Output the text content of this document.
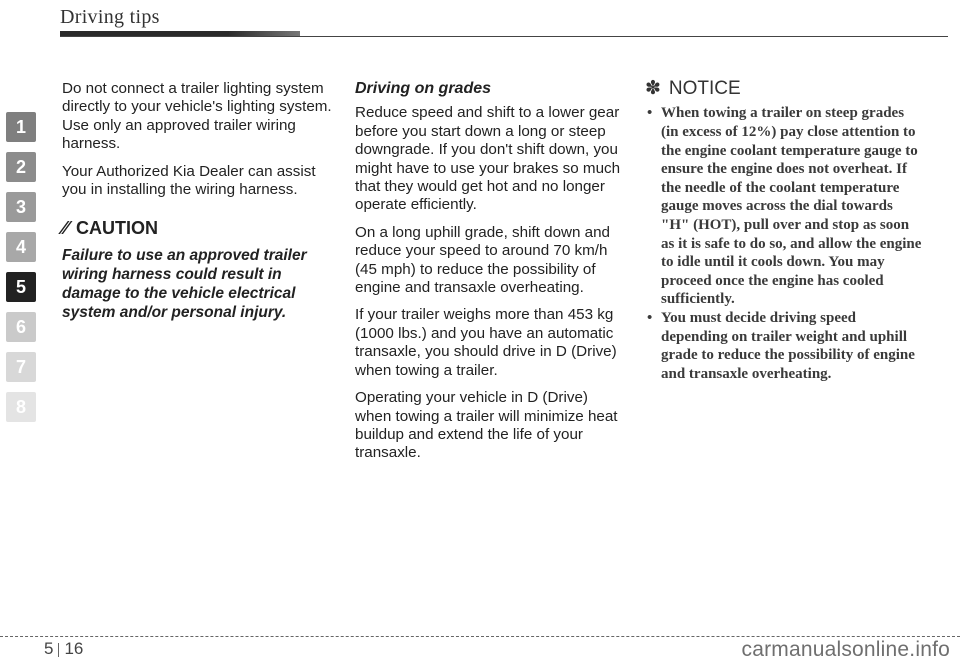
Driving tips
1
2
3
4
5
6
7
8

Do not connect a trailer lighting system directly to your vehicle's lighting system. Use only an approved trailer wiring harness.

Your Authorized Kia Dealer can assist you in installing the wiring harness.

⁄⁄ CAUTION
Failure to use an approved trailer wiring harness could result in damage to the vehicle electrical system and/or personal injury.
Driving on grades

Reduce speed and shift to a lower gear before you start down a long or steep downgrade. If you don't shift down, you might have to use your brakes so much that they would get hot and no longer operate efficiently.

On a long uphill grade, shift down and reduce your speed to around 70 km/h (45 mph) to reduce the possibility of engine and transaxle overheating.

If your trailer weighs more than 453 kg (1000 lbs.) and you have an automatic transaxle, you should drive in D (Drive) when towing a trailer.

Operating your vehicle in D (Drive) when towing a trailer will minimize heat buildup and extend the life of your transaxle.

✽ NOTICE
• When towing a trailer on steep grades (in excess of 12%) pay close attention to the engine coolant temperature gauge to ensure the engine does not overheat. If the needle of the coolant temperature gauge moves across the dial towards "H" (HOT), pull over and stop as soon as it is safe to do so, and allow the engine to idle until it cools down. You may proceed once the engine has cooled sufficiently.
• You must decide driving speed depending on trailer weight and uphill grade to reduce the possibility of engine and transaxle overheating.
5 16	carmanualsonline.info
